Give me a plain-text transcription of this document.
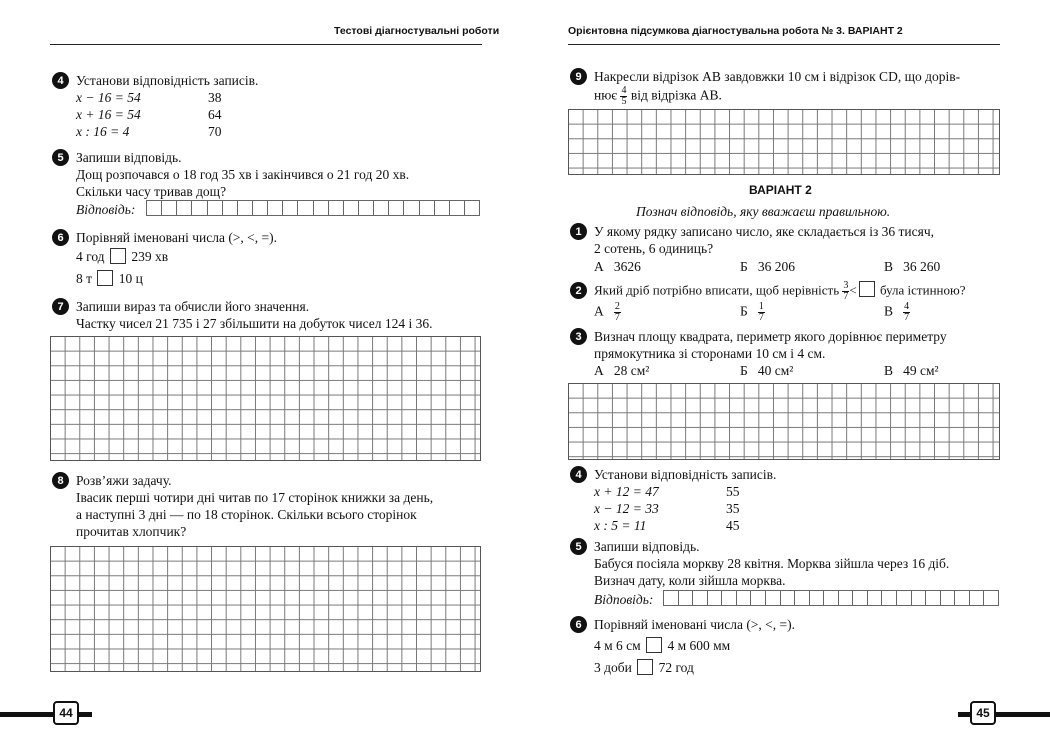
Тестові діагностувальні роботи
4 Установи відповідність записів.
x − 16 = 54	38
x + 16 = 54	64
x : 16 = 4	70
5 Запиши відповідь.
Дощ розпочався о 18 год 35 хв і закінчився о 21 год 20 хв.
Скільки часу тривав дощ?
Відповідь:
6 Порівняй іменовані числа (>, <, =).
4 год 239 хв
8 т 10 ц
7 Запиши вираз та обчисли його значення.
Частку чисел 21 735 і 27 збільшити на добуток чисел 124 і 36.
8 Розв’яжи задачу.
Івасик перші чотири дні читав по 17 сторінок книжки за день,
а наступні 3 дні — по 18 сторінок. Скільки всього сторінок
прочитав хлопчик?
44
Орієнтовна підсумкова діагностувальна робота № 3. ВАРІАНТ 2
9 Накресли відрізок AB завдовжки 10 см і відрізок CD, що дорів-
нює $\frac{4}{5}$ від відрізка AB.
ВАРІАНТ 2
Познач відповідь, яку вважаєш правильною.
1 У якому рядку записано число, яке складається із 36 тисяч,
2 сотень, 6 одиниць?
А 3626	Б 36 206	В 36 260
2 Який дріб потрібно вписати, щоб нерівність $\frac{3}{7}$ < була істинною?
А $\frac{2}{7}$	Б $\frac{1}{7}$	В $\frac{4}{7}$
3 Визнач площу квадрата, периметр якого дорівнює периметру
прямокутника зі сторонами 10 см і 4 см.
А 28 см²	Б 40 см²	В 49 см²
4 Установи відповідність записів.
x + 12 = 47	55
x − 12 = 33	35
x : 5 = 11	45
5 Запиши відповідь.
Бабуся посіяла моркву 28 квітня. Морква зійшла через 16 діб.
Визнач дату, коли зійшла морква.
Відповідь:
6 Порівняй іменовані числа (>, <, =).
4 м 6 см 4 м 600 мм
3 доби 72 год
45
